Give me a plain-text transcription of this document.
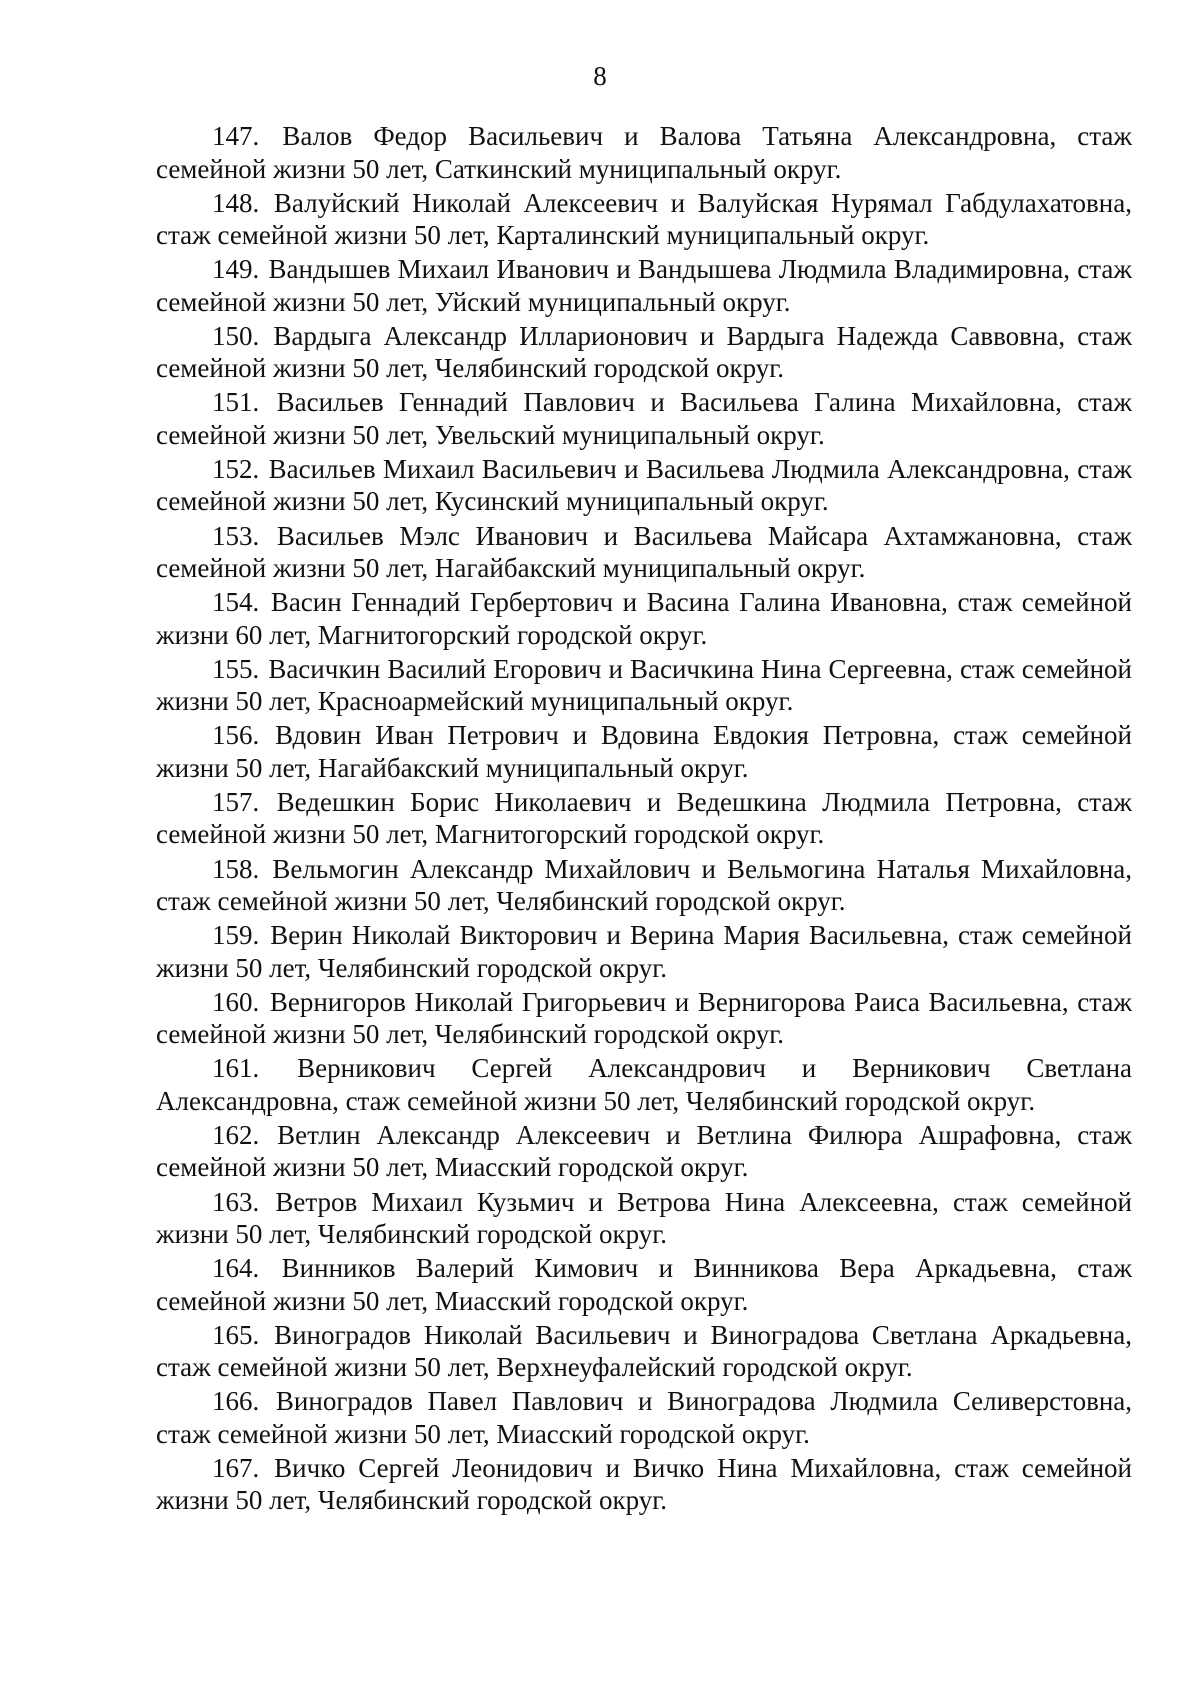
8
147. Валов Федор Васильевич и Валова Татьяна Александровна, стаж семейной жизни 50 лет, Саткинский муниципальный округ.
148. Валуйский Николай Алексеевич и Валуйская Нурямал Габдулахатовна, стаж семейной жизни 50 лет, Карталинский муниципальный округ.
149. Вандышев Михаил Иванович и Вандышева Людмила Владимировна, стаж семейной жизни 50 лет, Уйский муниципальный округ.
150. Вардыга Александр Илларионович и Вардыга Надежда Саввовна, стаж семейной жизни 50 лет, Челябинский городской округ.
151. Васильев Геннадий Павлович и Васильева Галина Михайловна, стаж семейной жизни 50 лет, Увельский муниципальный округ.
152. Васильев Михаил Васильевич и Васильева Людмила Александровна, стаж семейной жизни 50 лет, Кусинский муниципальный округ.
153. Васильев Мэлс Иванович и Васильева Майсара Ахтамжановна, стаж семейной жизни 50 лет, Нагайбакский муниципальный округ.
154. Васин Геннадий Гербертович и Васина Галина Ивановна, стаж семейной жизни 60 лет, Магнитогорский городской округ.
155. Васичкин Василий Егорович и Васичкина Нина Сергеевна, стаж семейной жизни 50 лет, Красноармейский муниципальный округ.
156. Вдовин Иван Петрович и Вдовина Евдокия Петровна, стаж семейной жизни 50 лет, Нагайбакский муниципальный округ.
157. Ведешкин Борис Николаевич и Ведешкина Людмила Петровна, стаж семейной жизни 50 лет, Магнитогорский городской округ.
158. Вельмогин Александр Михайлович и Вельмогина Наталья Михайловна, стаж семейной жизни 50 лет, Челябинский городской округ.
159. Верин Николай Викторович и Верина Мария Васильевна, стаж семейной жизни 50 лет, Челябинский городской округ.
160. Вернигоров Николай Григорьевич и Вернигорова Раиса Васильевна, стаж семейной жизни 50 лет, Челябинский городской округ.
161. Верникович Сергей Александрович и Верникович Светлана Александровна, стаж семейной жизни 50 лет, Челябинский городской округ.
162. Ветлин Александр Алексеевич и Ветлина Филюра Ашрафовна, стаж семейной жизни 50 лет, Миасский городской округ.
163. Ветров Михаил Кузьмич и Ветрова Нина Алексеевна, стаж семейной жизни 50 лет, Челябинский городской округ.
164. Винников Валерий Кимович и Винникова Вера Аркадьевна, стаж семейной жизни 50 лет, Миасский городской округ.
165. Виноградов Николай Васильевич и Виноградова Светлана Аркадьевна, стаж семейной жизни 50 лет, Верхнеуфалейский городской округ.
166. Виноградов Павел Павлович и Виноградова Людмила Селиверстовна, стаж семейной жизни 50 лет, Миасский городской округ.
167. Вичко Сергей Леонидович и Вичко Нина Михайловна, стаж семейной жизни 50 лет, Челябинский городской округ.
